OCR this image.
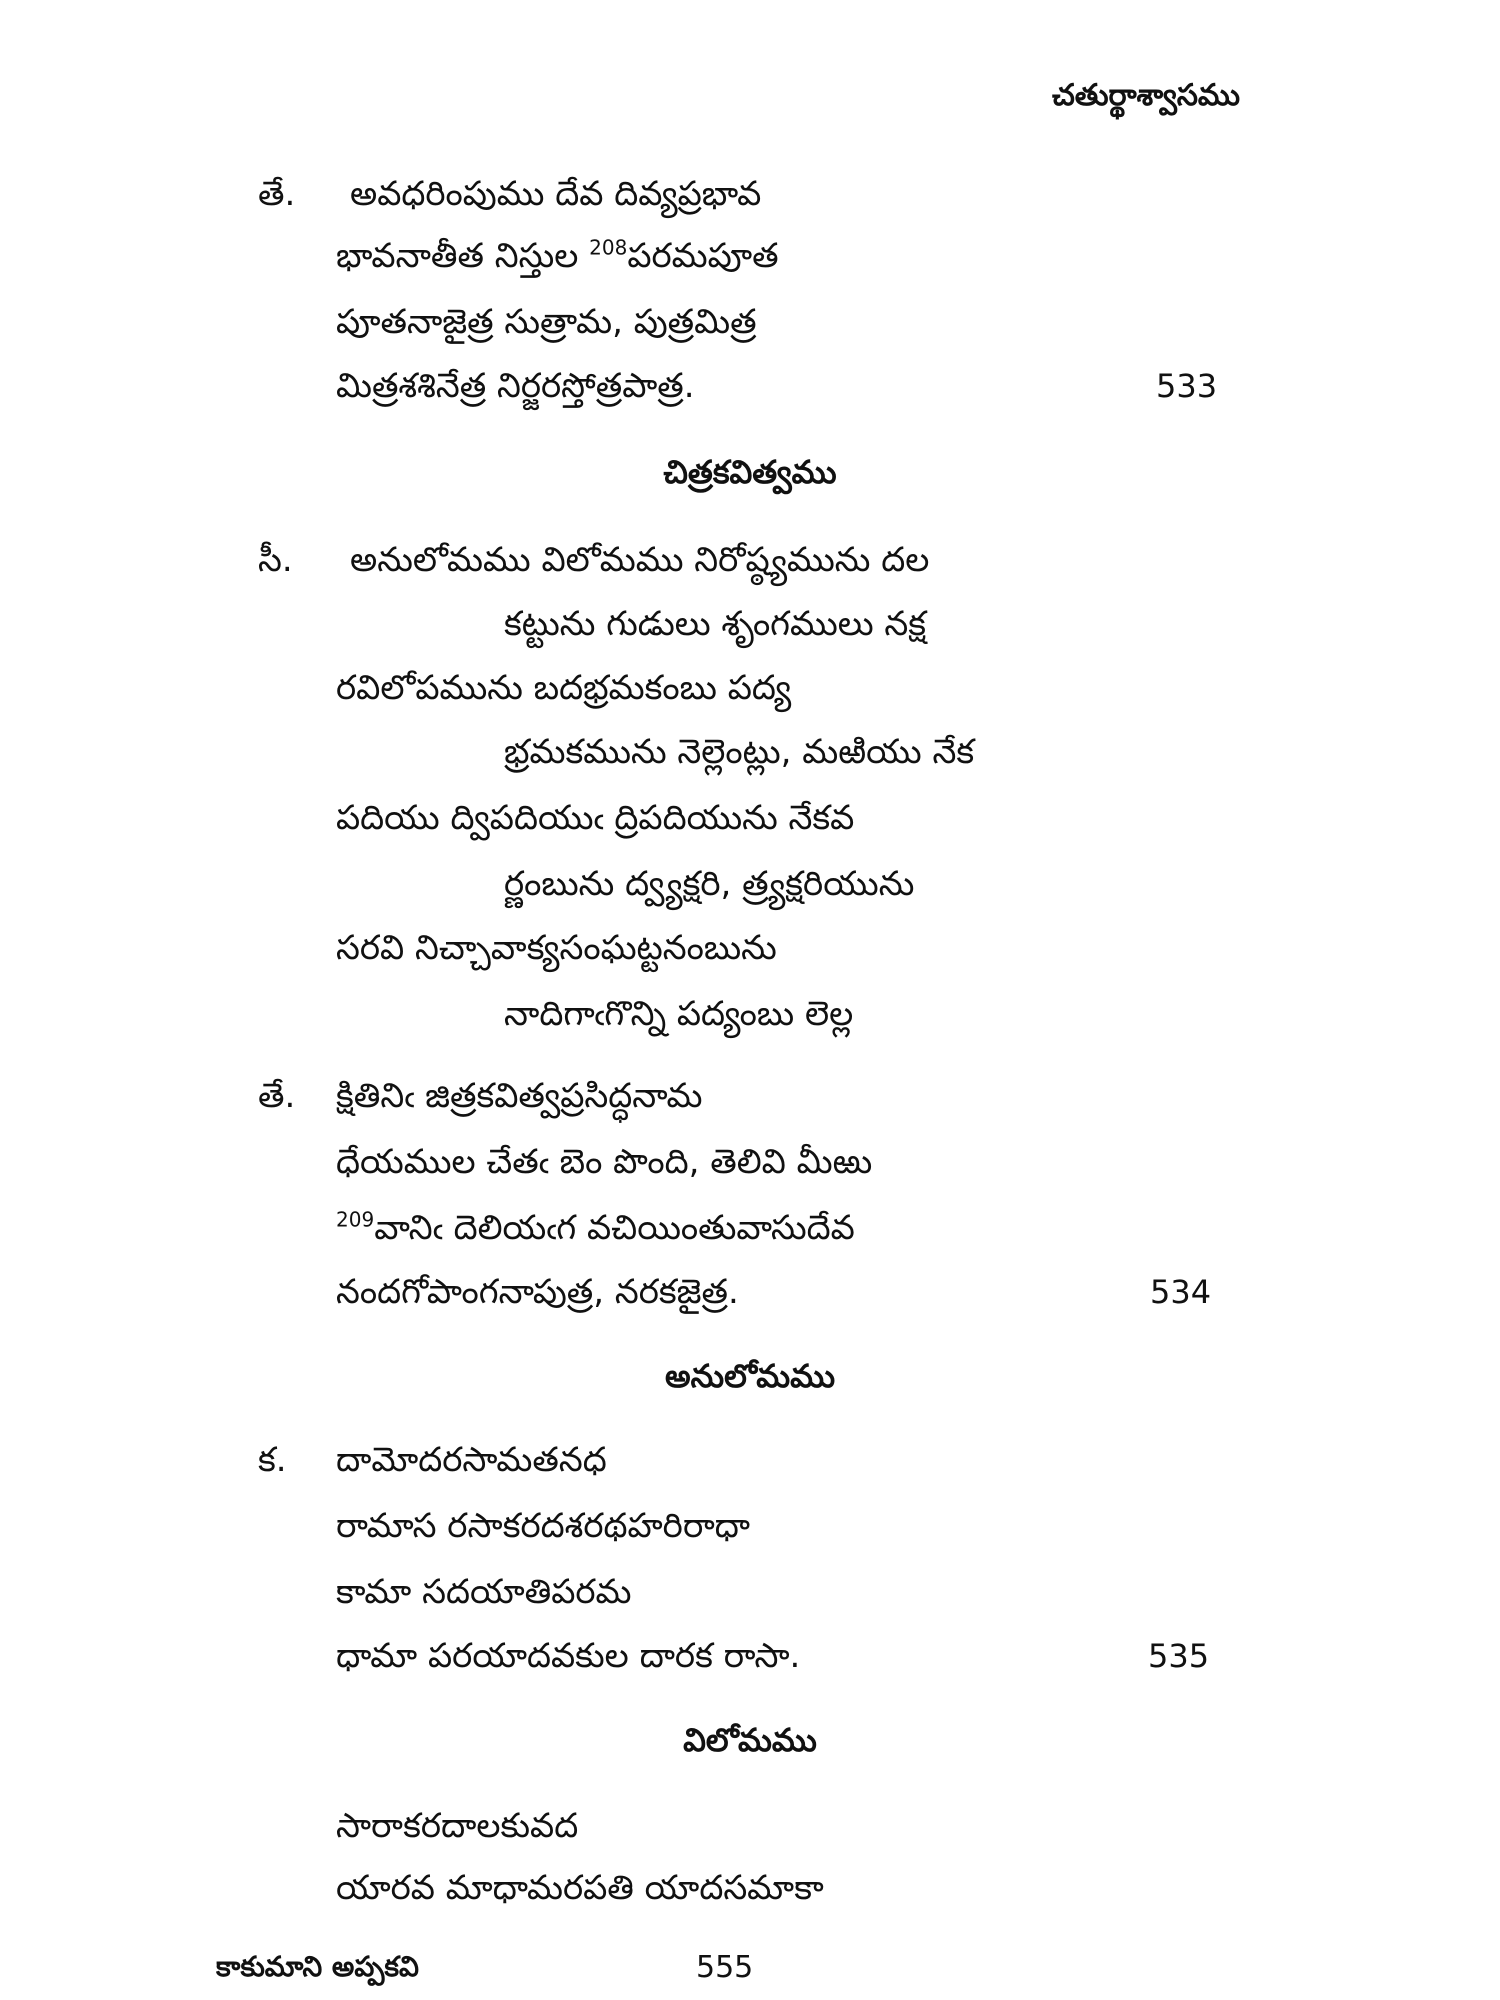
చతుర్థాశ్వాసము
తే. అవధరింపుము దేవ దివ్యప్రభావ
భావనాతీత నిస్తుల $^{208}$పరమపూత
పూతనాజైత్ర సుత్రామ, పుత్రమిత్ర
మిత్రశశినేత్ర నిర్జరస్తోత్రపాత్ర.	533
చిత్రకవిత్వము
సీ. అనులోమము విలోమము నిరోష్ఠ్యమును దల
కట్టును గుడులు శృంగములు నక్ష
రవిలోపమును బదభ్రమకంబు పద్య
భ్రమకమును నెల్లెంట్లు, మఱియు నేక
పదియు ద్విపదియుఁ ద్రిపదియును నేకవ
ర్ణంబును ద్వ్యక్షరి, త్ర్యక్షరియును
సరవి నిచ్చావాక్యసంఘట్టనంబును
నాదిగాఁగొన్ని పద్యంబు లెల్ల
తే. క్షితినిఁ జిత్రకవిత్వప్రసిద్ధనామ
ధేయముల చేతఁ బెం పొంది, తెలివి మీఱు
$^{209}$వానిఁ దెలియఁగ వచియింతువాసుదేవ
నందగోపాంగనాపుత్ర, నరకజైత్ర.	534
అనులోమము
క. దామోదరసామతనధ
రామాస రసాకరదశరథహరిరాధా
కామా సదయాతిపరమ
ధామా పరయాదవకుల దారక రాసా.	535
విలోమము
సారాకరదాలకువద
యారవ మాధామరపతి యాదసమాకా
కాకుమాని అప్పకవి	555
